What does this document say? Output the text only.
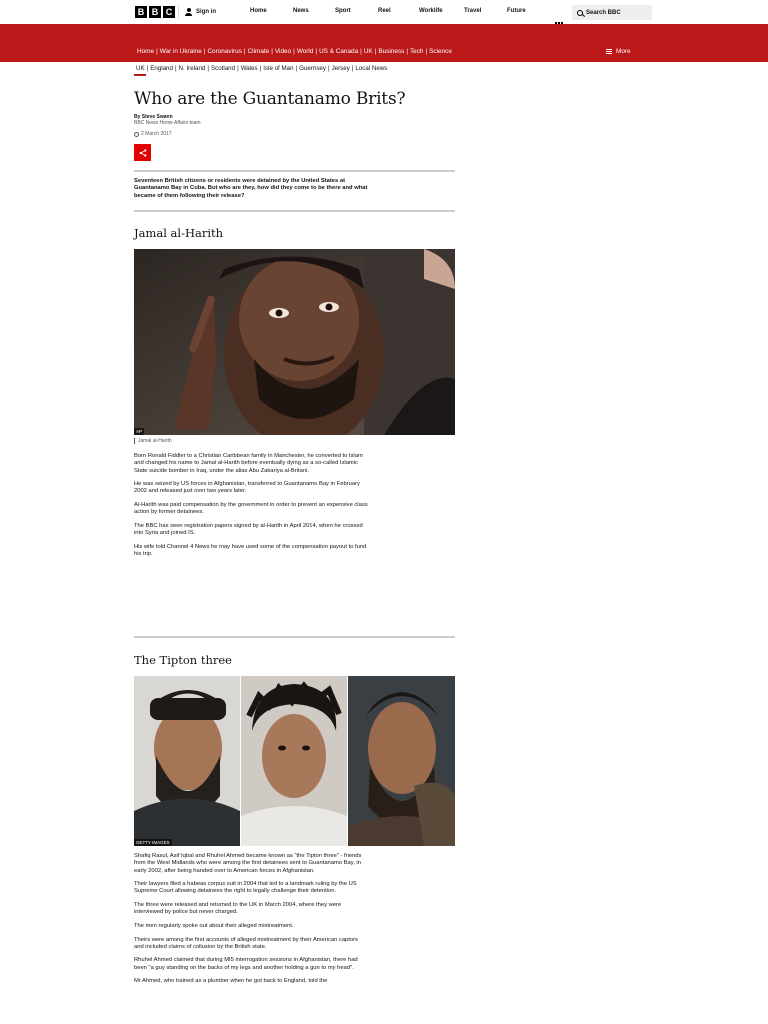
B B C	Sign in	Home	News	Sport	Reel	Worklife	Travel	Future	Search BBC
Home | War in Ukraine | Coronavirus | Climate | Video | World | US & Canada | UK | Business | Tech | Science	More
UK | England | N. Ireland | Scotland | Wales | Isle of Man | Guernsey | Jersey | Local News
Who are the Guantanamo Brits?
By Steve Swann
BBC News Home Affairs team
2 March 2017

Seventeen British citizens or residents were detained by the United States at Guantanamo Bay in Cuba. But who are they, how did they come to be there and what became of them following their release?

Jamal al-Harith
AP
Jamal al-Harith

Born Ronald Fiddler to a Christian Caribbean family in Manchester, he converted to Islam and changed his name to Jamal al-Harith before eventually dying as a so-called Islamic State suicide bomber in Iraq, under the alias Abu Zakariya al-Britani.

He was seized by US forces in Afghanistan, transferred to Guantanamo Bay in February 2002 and released just over two years later.

Al-Harith was paid compensation by the government in order to prevent an expensive class action by former detainees.

The BBC has seen registration papers signed by al-Harith in April 2014, when he crossed into Syria and joined IS.

His wife told Channel 4 News he may have used some of the compensation payout to fund his trip.

The Tipton three
GETTY IMAGES

Shafiq Rasul, Asif Iqbal and Rhuhel Ahmed became known as "the Tipton three" - friends from the West Midlands who were among the first detainees sent to Guantanamo Bay, in early 2002, after being handed over to American forces in Afghanistan.

Their lawyers filed a habeas corpus suit in 2004 that led to a landmark ruling by the US Supreme Court allowing detainees the right to legally challenge their detention.

The three were released and returned to the UK in March 2004, where they were interviewed by police but never charged.

The men regularly spoke out about their alleged mistreatment.

Theirs were among the first accounts of alleged mistreatment by their American captors and included claims of collusion by the British state.

Rhuhel Ahmed claimed that during MI5 interrogation sessions in Afghanistan, there had been "a guy standing on the backs of my legs and another holding a gun to my head".

Mr Ahmed, who trained as a plumber when he got back to England, told the
